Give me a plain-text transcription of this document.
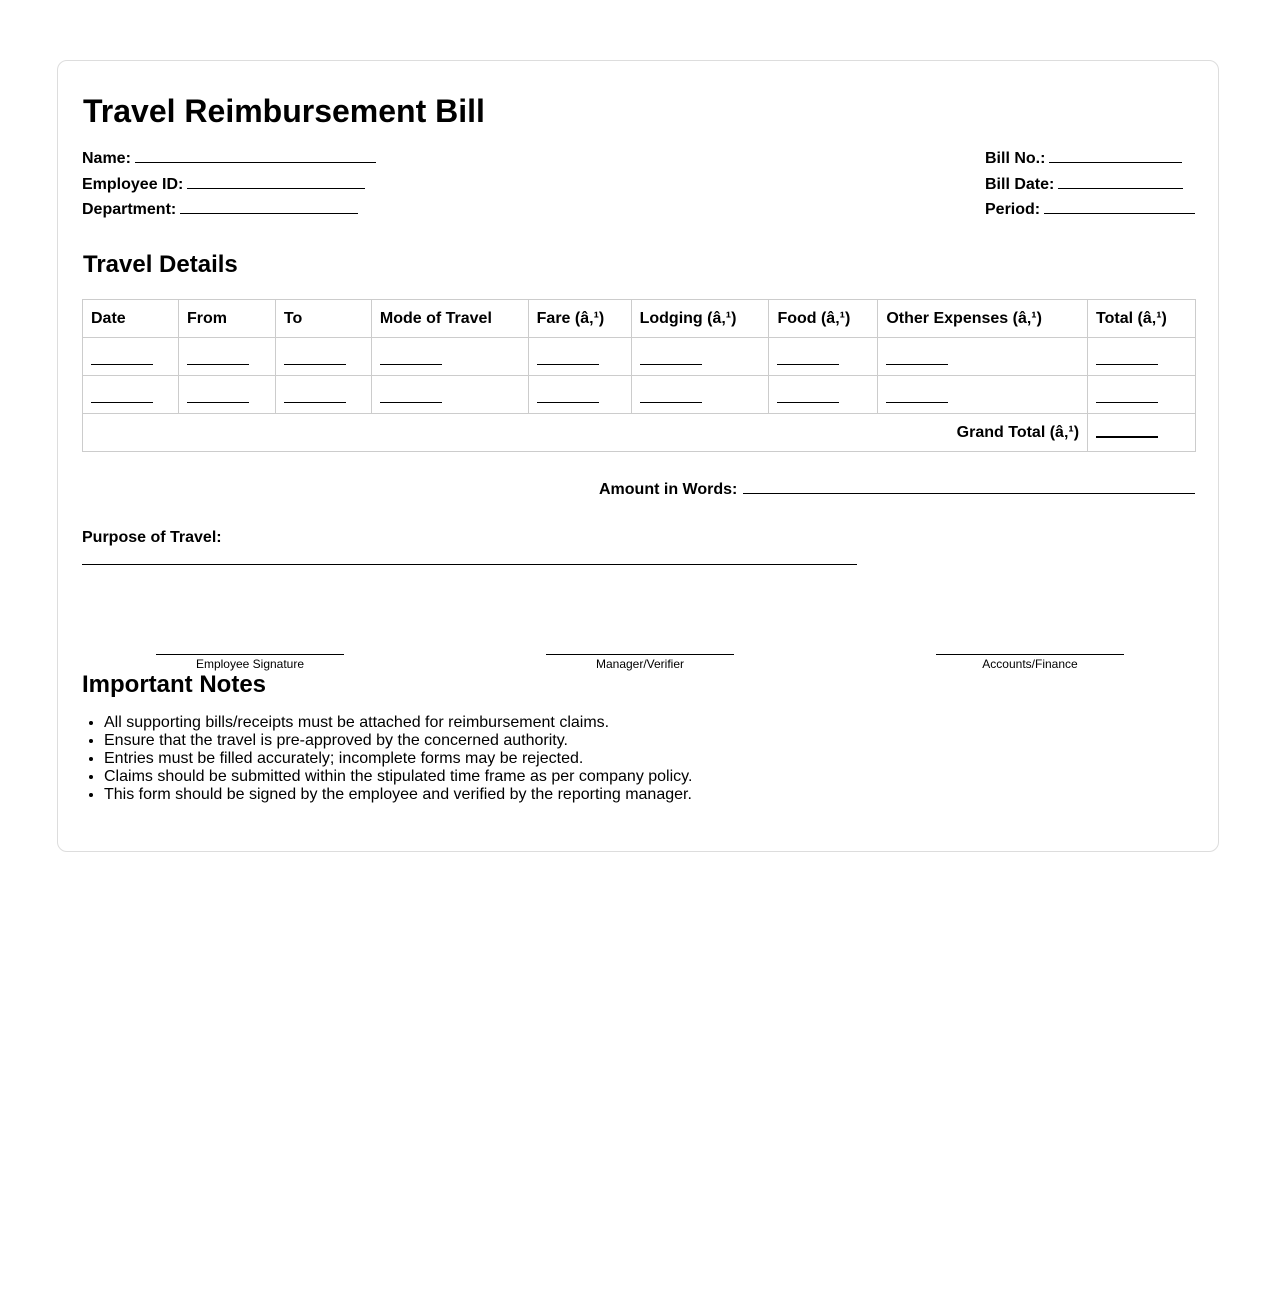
Travel Reimbursement Bill
Name:
Employee ID:
Department:
Bill No.:
Bill Date:
Period:
Travel Details
Date	From	To	Mode of Travel	Fare (â‚¹)	Lodging (â‚¹)	Food (â‚¹)	Other Expenses (â‚¹)	Total (â‚¹)

Grand Total (â‚¹)								
Amount in Words:
Purpose of Travel:
Employee Signature	Manager/Verifier	Accounts/Finance
Important Notes
• All supporting bills/receipts must be attached for reimbursement claims.
• Ensure that the travel is pre-approved by the concerned authority.
• Entries must be filled accurately; incomplete forms may be rejected.
• Claims should be submitted within the stipulated time frame as per company policy.
• This form should be signed by the employee and verified by the reporting manager.
